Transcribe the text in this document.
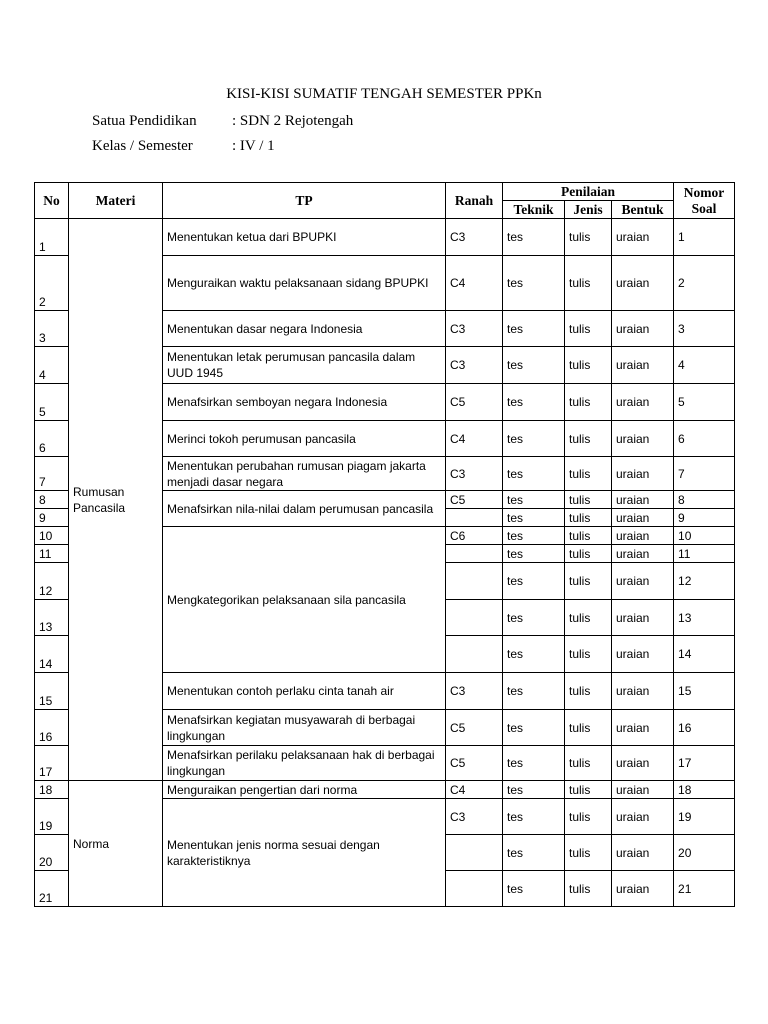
KISI-KISI SUMATIF TENGAH SEMESTER PPKn
Satua Pendidikan : SDN 2 Rejotengah
Kelas / Semester	: IV / 1
No	Materi	TP	Ranah	Penilaian			Nomor Soal
				Teknik	Jenis	Bentuk	
1	Rumusan Pancasila	Menentukan ketua dari BPUPKI	C3	tes	tulis	uraian	1
2		Menguraikan waktu pelaksanaan sidang BPUPKI	C4	tes	tulis	uraian	2
3		Menentukan dasar negara Indonesia	C3	tes	tulis	uraian	3
4		Menentukan letak perumusan pancasila dalam UUD 1945	C3	tes	tulis	uraian	4
5		Menafsirkan semboyan negara Indonesia	C5	tes	tulis	uraian	5
6		Merinci tokoh perumusan pancasila	C4	tes	tulis	uraian	6
7		Menentukan perubahan rumusan piagam jakarta menjadi dasar negara	C3	tes	tulis	uraian	7
8		Menafsirkan nila-nilai dalam perumusan pancasila	C5	tes	tulis	uraian	8
9				tes	tulis	uraian	9
10		Mengkategorikan pelaksanaan sila pancasila	C6	tes	tulis	uraian	10
11				tes	tulis	uraian	11
12				tes	tulis	uraian	12
13				tes	tulis	uraian	13
14				tes	tulis	uraian	14
15		Menentukan contoh perlaku cinta tanah air	C3	tes	tulis	uraian	15
16		Menafsirkan kegiatan musyawarah di berbagai lingkungan	C5	tes	tulis	uraian	16
17		Menafsirkan perilaku pelaksanaan hak di berbagai lingkungan	C5	tes	tulis	uraian	17
18	Norma	Menguraikan pengertian dari norma	C4	tes	tulis	uraian	18
19		Menentukan jenis norma sesuai dengan karakteristiknya	C3	tes	tulis	uraian	19
20				tes	tulis	uraian	20
21				tes	tulis	uraian	21
